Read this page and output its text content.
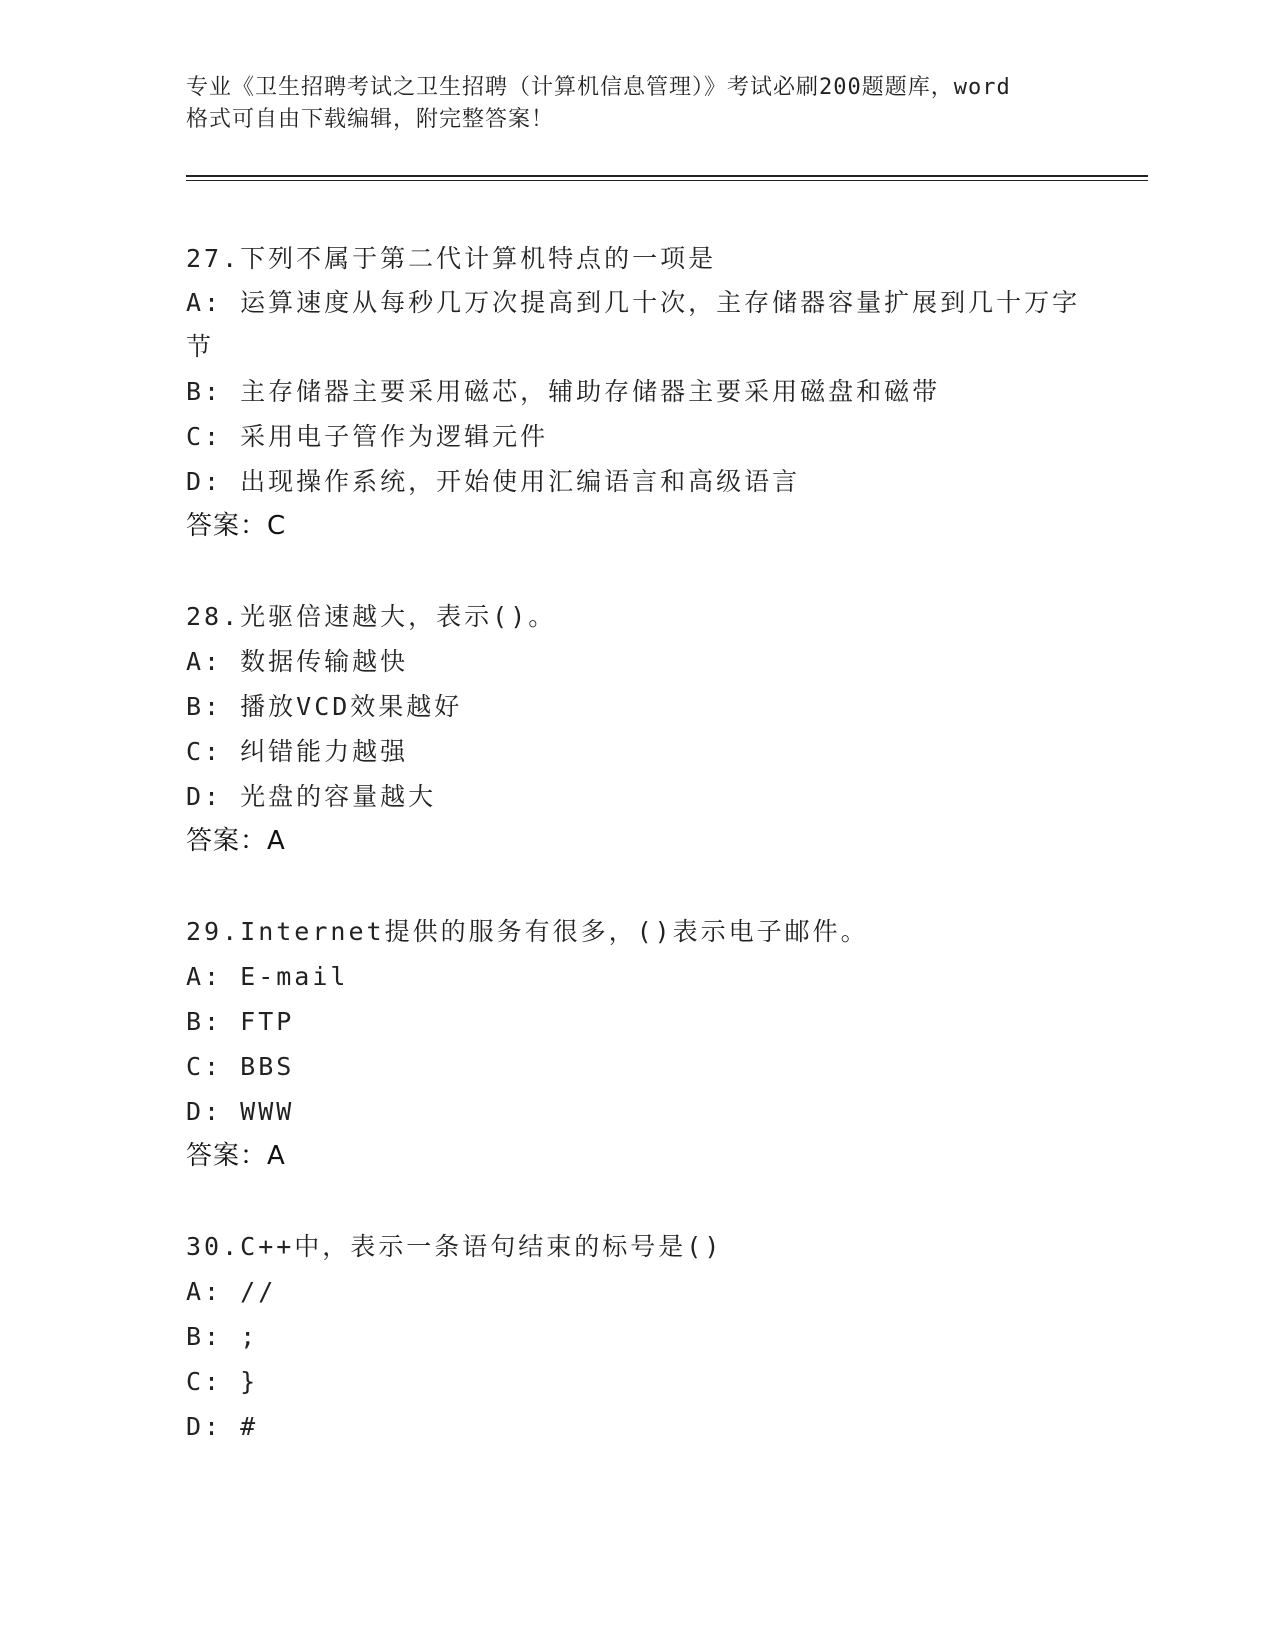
专业《卫生招聘考试之卫生招聘（计算机信息管理）》考试必刷200题题库，word
格式可自由下载编辑，附完整答案！
27.下列不属于第二代计算机特点的一项是
A: 运算速度从每秒几万次提高到几十次，主存储器容量扩展到几十万字节
B: 主存储器主要采用磁芯，辅助存储器主要采用磁盘和磁带
C: 采用电子管作为逻辑元件
D: 出现操作系统，开始使用汇编语言和高级语言
答案：C
28.光驱倍速越大，表示()。
A: 数据传输越快
B: 播放VCD效果越好
C: 纠错能力越强
D: 光盘的容量越大
答案：A
29.Internet提供的服务有很多，()表示电子邮件。
A: E-mail
B: FTP
C: BBS
D: WWW
答案：A
30.C++中，表示一条语句结束的标号是()
A: //
B: ;
C: }
D: #
